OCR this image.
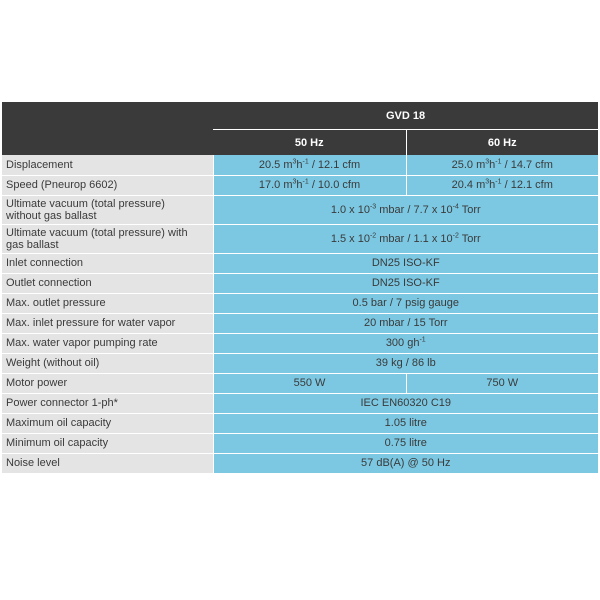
	GVD 18	
	50 Hz	60 Hz

Displacement	20.5 $m^3h^{-1} / 12.1$ cfm	25.0 $m^3h^{-1} / 14.7$ cfm

Speed (Pneurop 6602)	17.0 $m^3h^{-1} / 10.0$ cfm	20.4 $m^3h^{-1} / 12.1$ cfm

Ultimate vacuum (total pressure)
without gas ballast	1.0 x $10^{-3}$ mbar / 7.7 x $10^{-4}$ Torr	

Ultimate vacuum (total pressure) with
gas ballast	1.5 x $10^{-2}$ mbar / 1.1 x $10^{-2}$ Torr	

Inlet connection	DN25 ISO-KF	

Outlet connection	DN25 ISO-KF	

Max. outlet pressure	0.5 bar / 7 psig gauge	

Max. inlet pressure for water vapor	20 mbar / 15 Torr	

Max. water vapor pumping rate	300 $gh^{-1}$

Weight (without oil)	39 kg / 86 lb	

Motor power	550 W	750 W

Power connector 1-ph*	IEC EN60320 C19	

Maximum oil capacity	1.05 litre	

Minimum oil capacity	0.75 litre	

Noise level	57 dB(A) @ 50 Hz	
